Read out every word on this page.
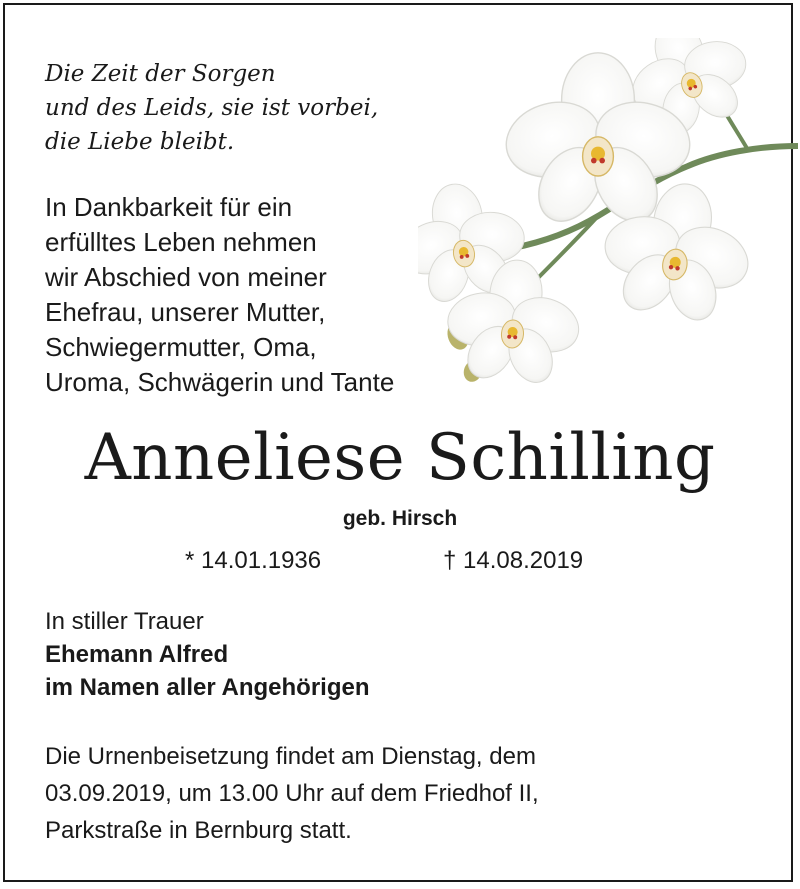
Die Zeit der Sorgen
und des Leids, sie ist vorbei,
die Liebe bleibt.
In Dankbarkeit für ein
erfülltes Leben nehmen
wir Abschied von meiner
Ehefrau, unserer Mutter,
Schwiegermutter, Oma,
Uroma, Schwägerin und Tante
Anneliese Schilling
geb. Hirsch
* 14.01.1936	† 14.08.2019
In stiller Trauer
Ehemann Alfred
im Namen aller Angehörigen
Die Urnenbeisetzung findet am Dienstag, dem
03.09.2019, um 13.00 Uhr auf dem Friedhof II,
Parkstraße in Bernburg statt.
